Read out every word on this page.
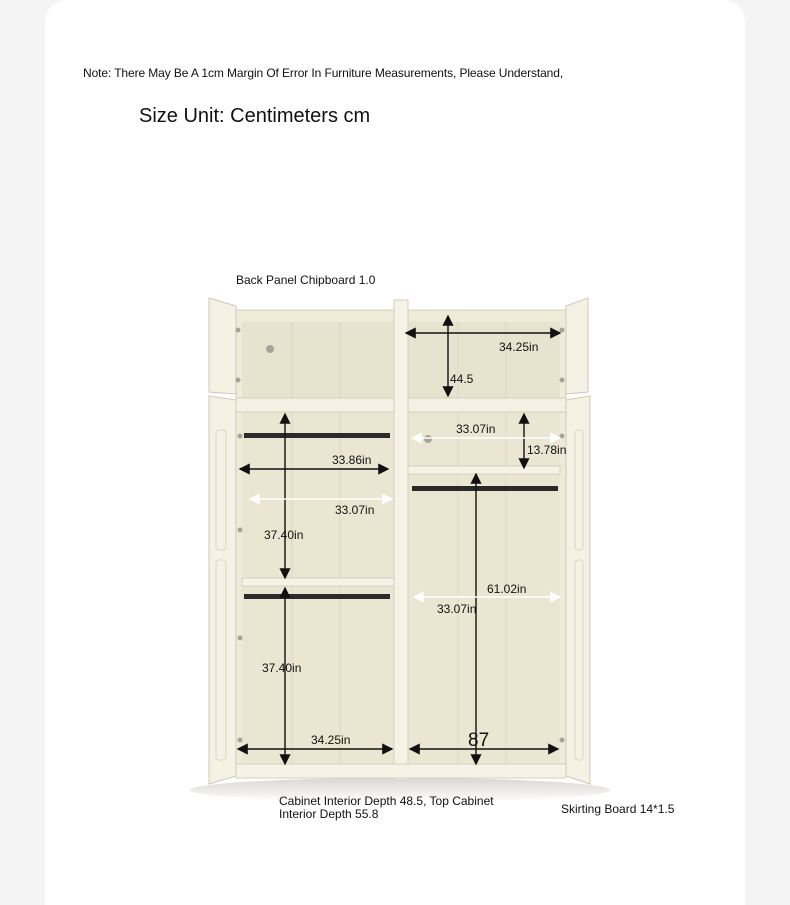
Note: There May Be A 1cm Margin Of Error In Furniture Measurements, Please Understand,
Size Unit: Centimeters cm
Back Panel Chipboard 1.0
34.25in
44.5
33.07in
13.78in
33.86in
33.07in
37.40in
61.02in
33.07in
37.40in
34.25in	87
Cabinet Interior Depth 48.5, Top Cabinet Interior Depth 55.8	Skirting Board 14*1.5
